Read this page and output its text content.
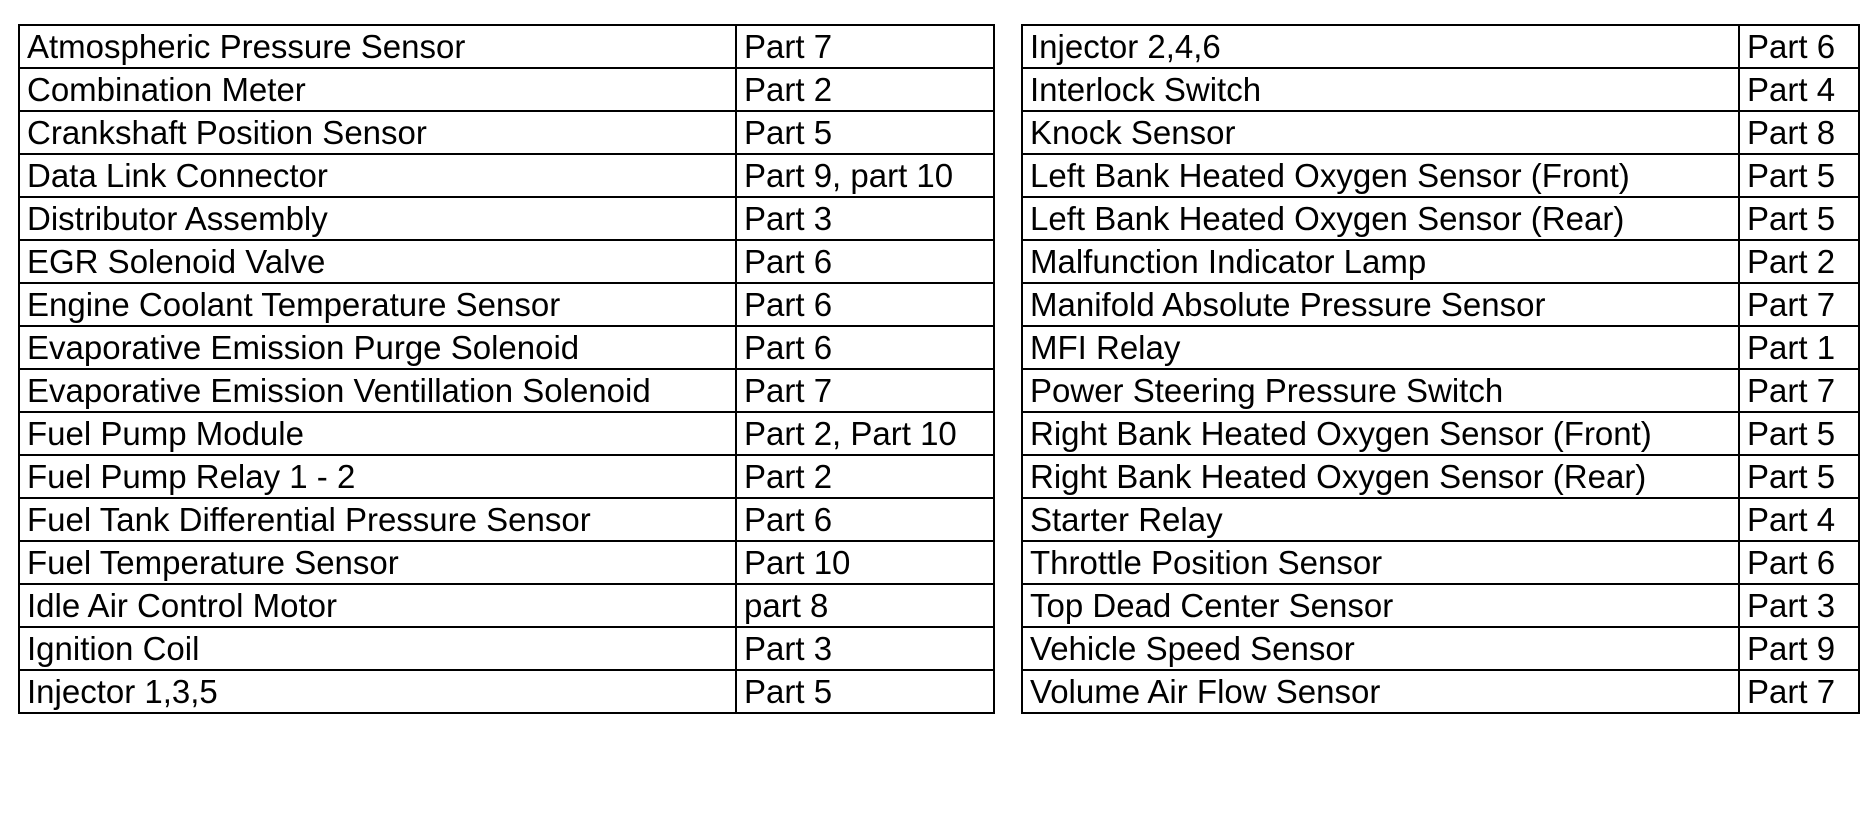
Atmospheric Pressure Sensor	Part 7
Combination Meter	Part 2
Crankshaft Position Sensor	Part 5
Data Link Connector	Part 9, part 10
Distributor Assembly	Part 3
EGR Solenoid Valve	Part 6
Engine Coolant Temperature Sensor	Part 6
Evaporative Emission Purge Solenoid	Part 6
Evaporative Emission Ventillation Solenoid	Part 7
Fuel Pump Module	Part 2, Part 10
Fuel Pump Relay 1 - 2	Part 2
Fuel Tank Differential Pressure Sensor	Part 6
Fuel Temperature Sensor	Part 10
Idle Air Control Motor	part 8
Ignition Coil	Part 3
Injector 1,3,5	Part 5
Injector 2,4,6	Part 6
Interlock Switch	Part 4
Knock Sensor	Part 8
Left Bank Heated Oxygen Sensor (Front)	Part 5
Left Bank Heated Oxygen Sensor (Rear)	Part 5
Malfunction Indicator Lamp	Part 2
Manifold Absolute Pressure Sensor	Part 7
MFI Relay	Part 1
Power Steering Pressure Switch	Part 7
Right Bank Heated Oxygen Sensor (Front)	Part 5
Right Bank Heated Oxygen Sensor (Rear)	Part 5
Starter Relay	Part 4
Throttle Position Sensor	Part 6
Top Dead Center Sensor	Part 3
Vehicle Speed Sensor	Part 9
Volume Air Flow Sensor	Part 7
